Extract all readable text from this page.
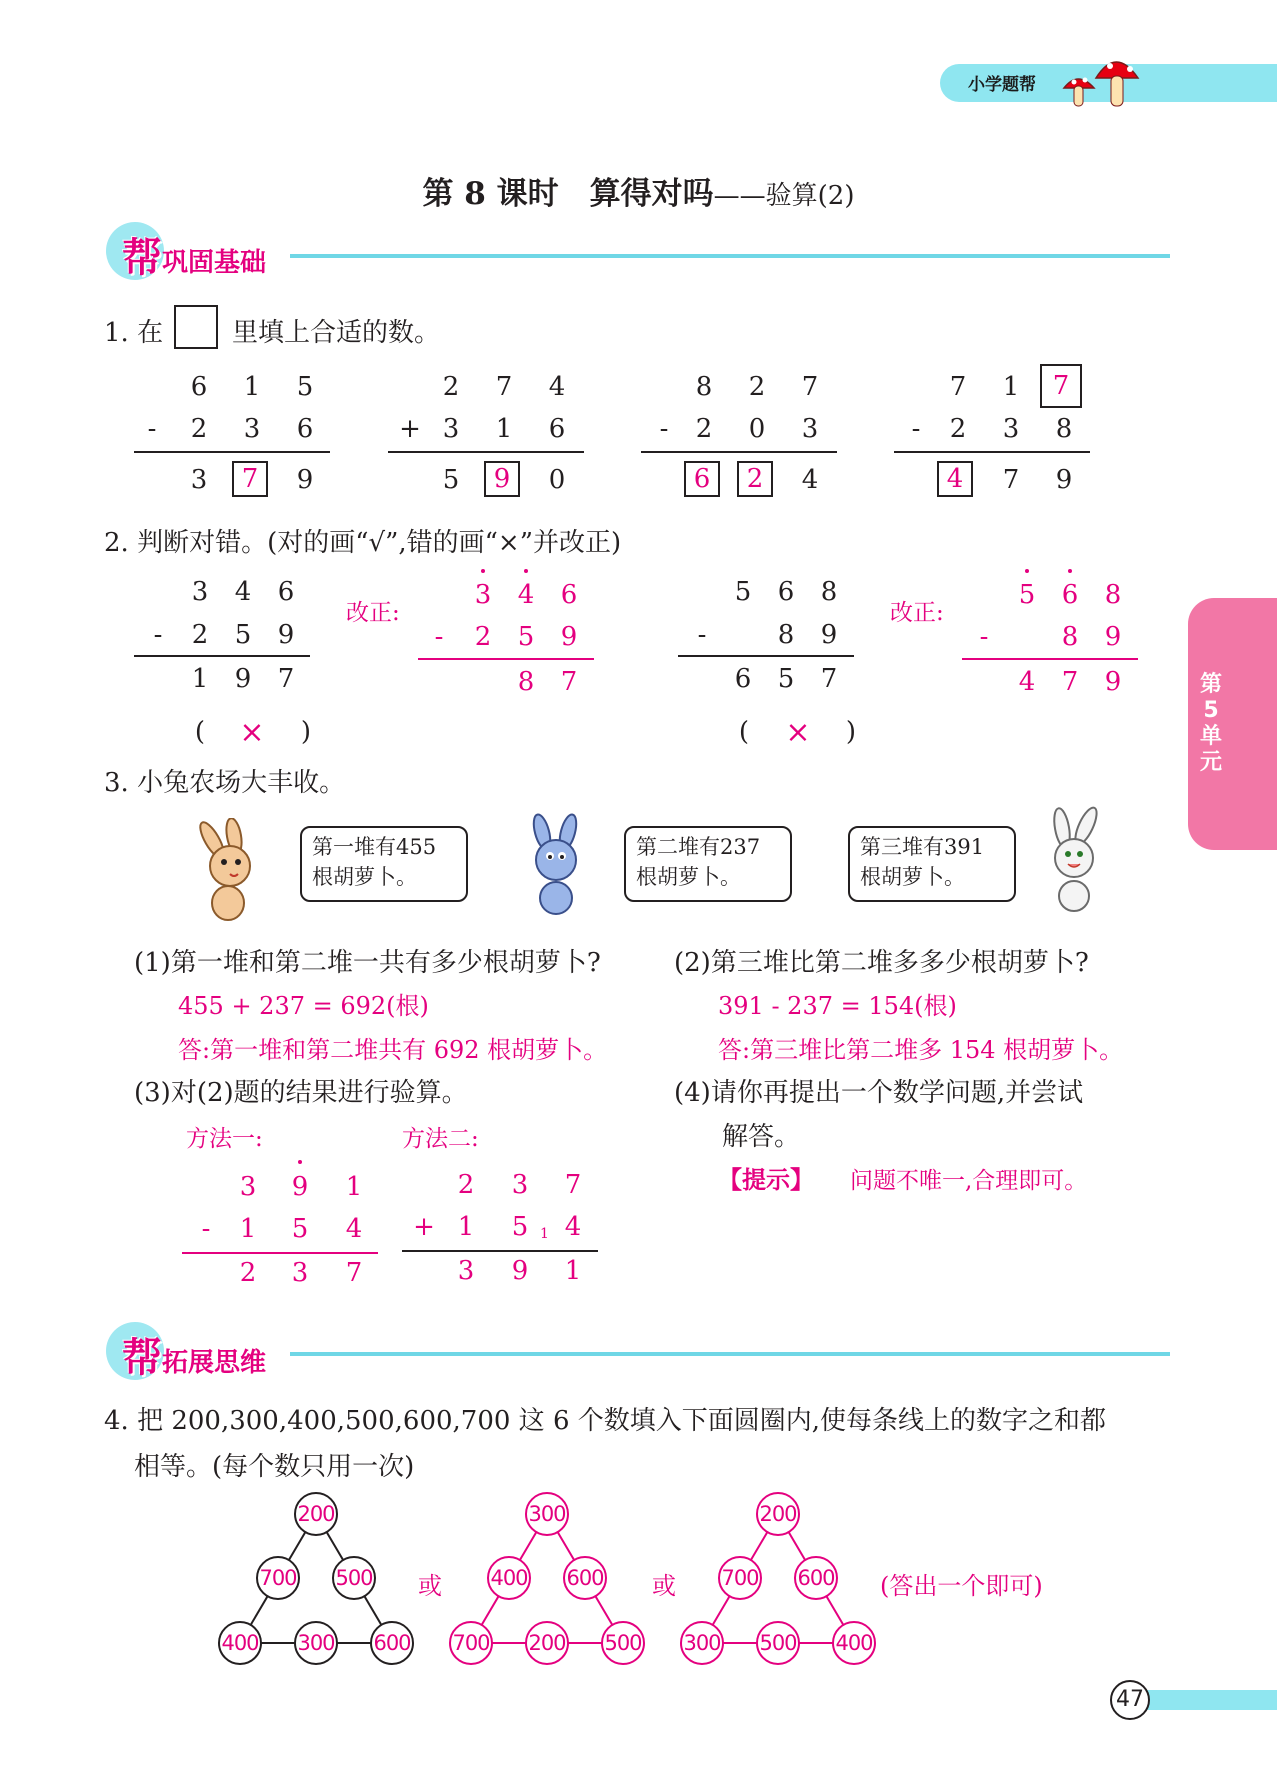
小学题帮
第 8 课时　算得对吗——验算(2)
帮巩固基础
第
5
单
元
1. 在	里填上合适的数。
6 1 5
-	2 3 6
3	7	9
2 7 4
+ 3 1 6
5	9	0
8 2 7
-	2 0 3
6	2	4
7 1	7
-	2 3 8
4	7 9
2. 判断对错。(对的画“√”,错的画“×”并改正)
3 4 6
-	2 5 9
1 9 7
( ×	)
改正:
3 4 6
-	2 5 9
8 7
5 6 8
-	8 9
6 5 7
( ×	)
改正:
5 6 8
-	8 9
4 7 9
3. 小兔农场大丰收。
第一堆有455
根胡萝卜。
第二堆有237
根胡萝卜。
第三堆有391
根胡萝卜。
(1)第一堆和第二堆一共有多少根胡萝卜?
455 + 237 = 692(根)
答:第一堆和第二堆共有 692 根胡萝卜。
(2)第三堆比第二堆多多少根胡萝卜?
391 - 237 = 154(根)
答:第三堆比第二堆多 154 根胡萝卜。
(3)对(2)题的结果进行验算。
方法一:	方法二:
3 9 1
-	1 5 4
2 3 7
2 3 7
+ 1 5 1 4
3 9 1
(4)请你再提出一个数学问题,并尝试
解答。
【提示】 问题不唯一,合理即可。
帮拓展思维
4. 把 200,300,400,500,600,700 这 6 个数填入下面圆圈内,使每条线上的数字之和都
相等。(每个数只用一次)
200
700 500
400 300 600
或
300
400 600
700 200 500
或
200
700 600
300 500 400
(答出一个即可)
47
